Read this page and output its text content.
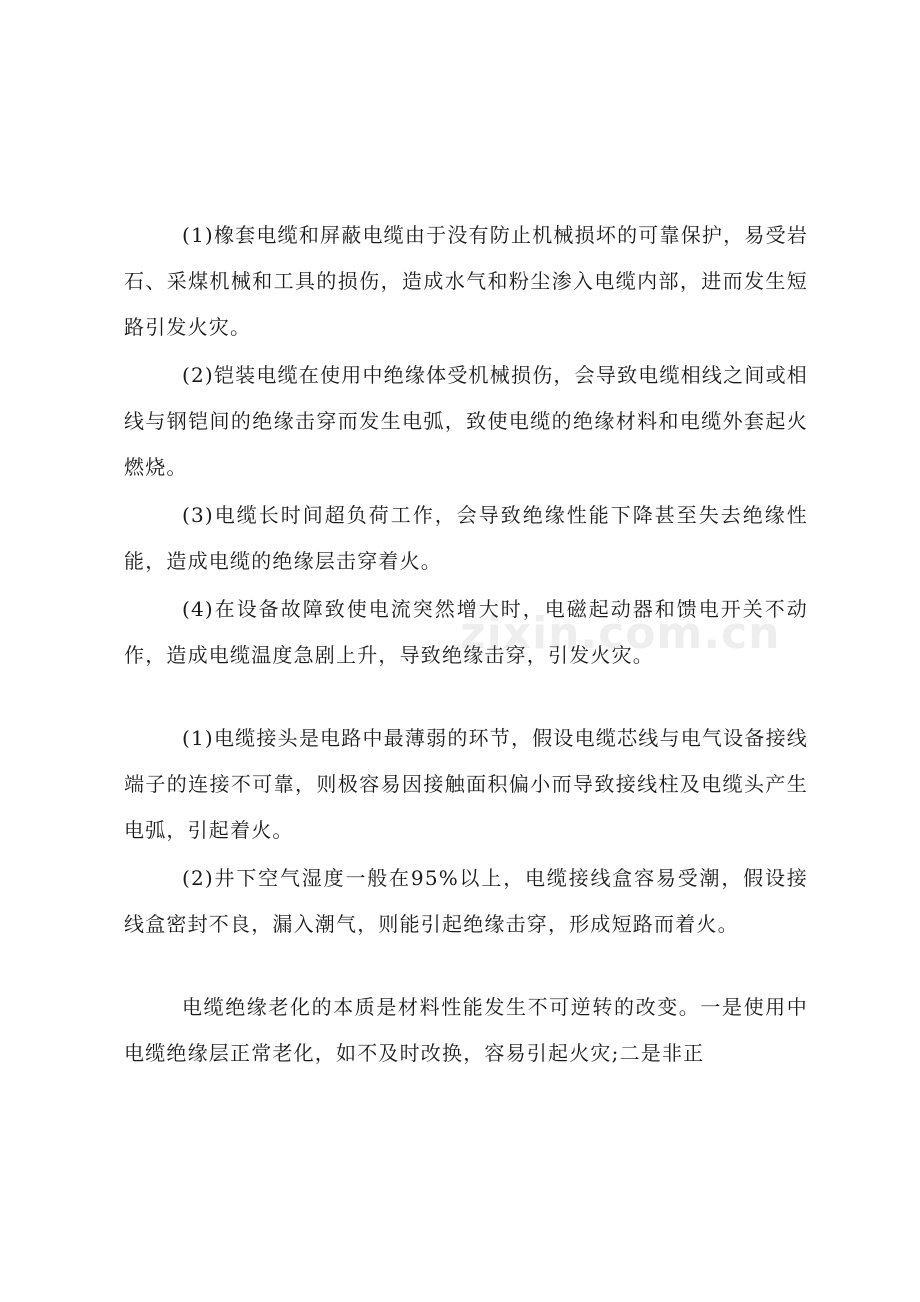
(1)橡套电缆和屏蔽电缆由于没有防止机械损坏的可靠保护，易受岩石、采煤机械和工具的损伤，造成水气和粉尘渗入电缆内部，进而发生短路引发火灾。

(2)铠装电缆在使用中绝缘体受机械损伤，会导致电缆相线之间或相线与钢铠间的绝缘击穿而发生电弧，致使电缆的绝缘材料和电缆外套起火燃烧。

(3)电缆长时间超负荷工作，会导致绝缘性能下降甚至失去绝缘性能，造成电缆的绝缘层击穿着火。

(4)在设备故障致使电流突然增大时，电磁起动器和馈电开关不动作，造成电缆温度急剧上升，导致绝缘击穿，引发火灾。

(1)电缆接头是电路中最薄弱的环节，假设电缆芯线与电气设备接线端子的连接不可靠，则极容易因接触面积偏小而导致接线柱及电缆头产生电弧，引起着火。

(2)井下空气湿度一般在95%以上，电缆接线盒容易受潮，假设接线盒密封不良，漏入潮气，则能引起绝缘击穿，形成短路而着火。

电缆绝缘老化的本质是材料性能发生不可逆转的改变。一是使用中电缆绝缘层正常老化，如不及时改换，容易引起火灾;二是非正

zixin.com.cn
